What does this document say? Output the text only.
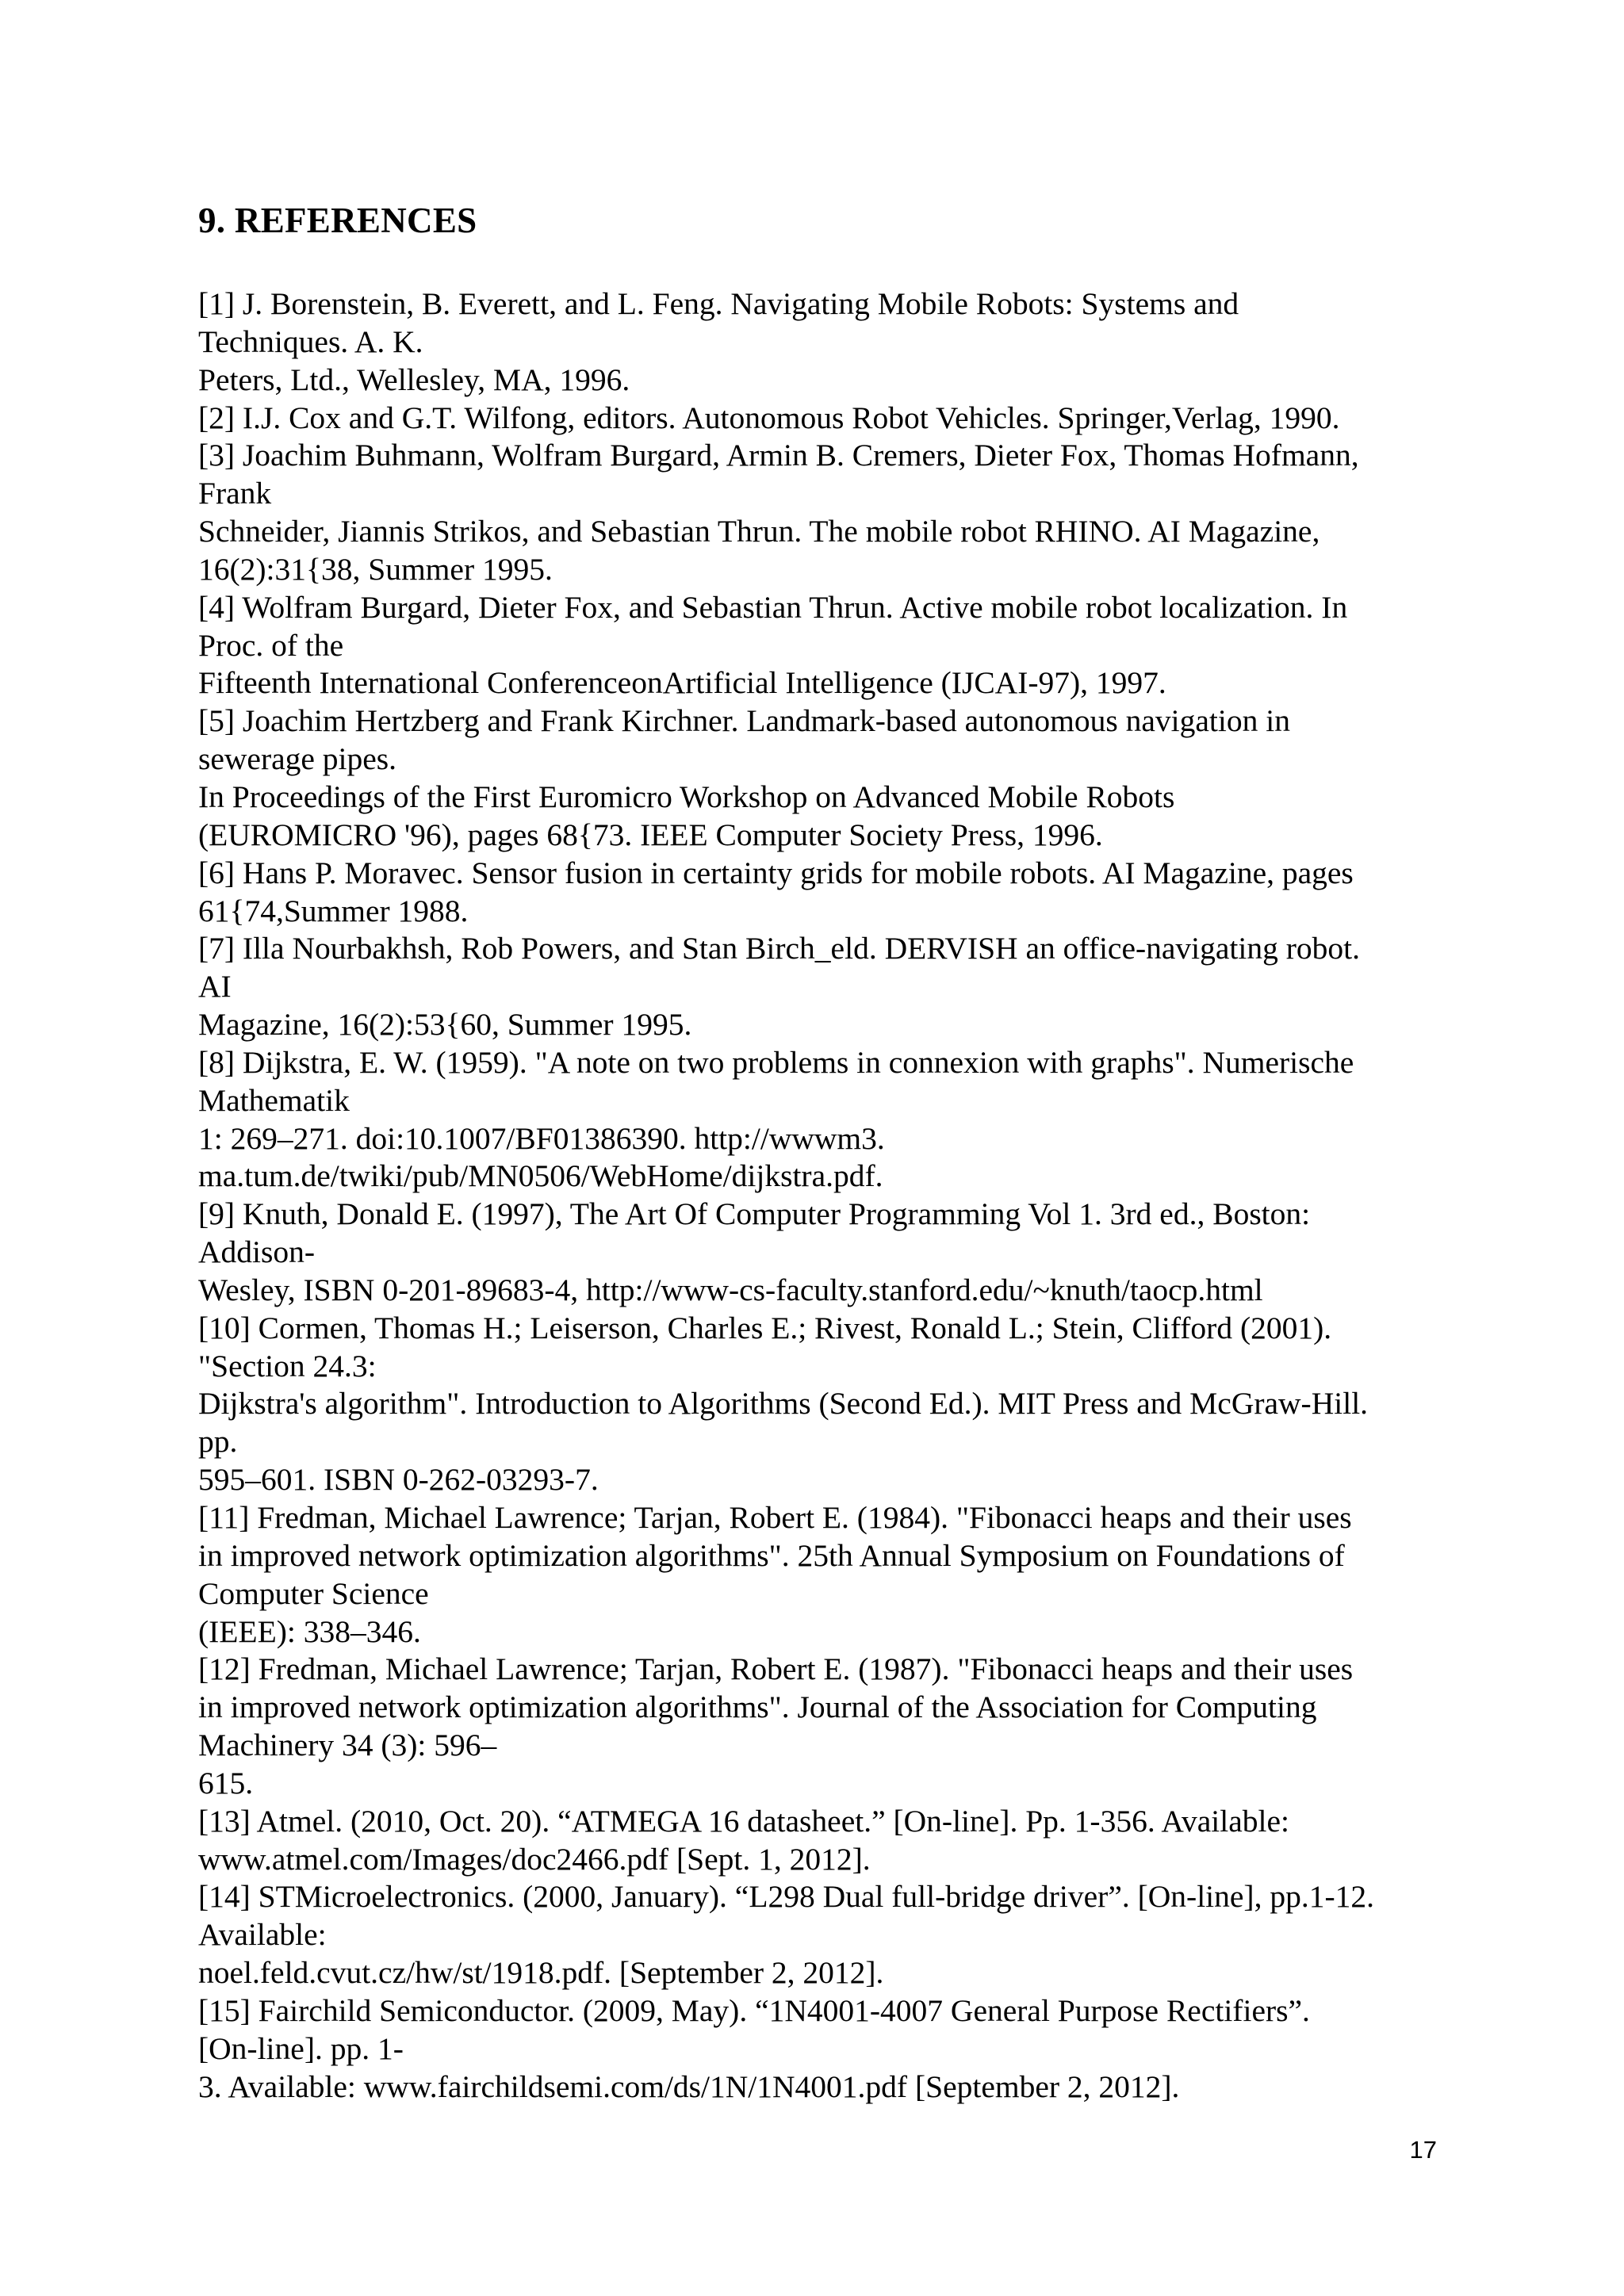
9. REFERENCES
[1] J. Borenstein, B. Everett, and L. Feng. Navigating Mobile Robots: Systems and
Techniques. A. K.
Peters, Ltd., Wellesley, MA, 1996.
[2] I.J. Cox and G.T. Wilfong, editors. Autonomous Robot Vehicles. Springer,Verlag, 1990.
[3] Joachim Buhmann, Wolfram Burgard, Armin B. Cremers, Dieter Fox, Thomas Hofmann,
Frank
Schneider, Jiannis Strikos, and Sebastian Thrun. The mobile robot RHINO. AI Magazine,
16(2):31{38, Summer 1995.
[4] Wolfram Burgard, Dieter Fox, and Sebastian Thrun. Active mobile robot localization. In
Proc. of the
Fifteenth International ConferenceonArtificial Intelligence (IJCAI-97), 1997.
[5] Joachim Hertzberg and Frank Kirchner. Landmark-based autonomous navigation in
sewerage pipes.
In Proceedings of the First Euromicro Workshop on Advanced Mobile Robots
(EUROMICRO '96), pages 68{73. IEEE Computer Society Press, 1996.
[6] Hans P. Moravec. Sensor fusion in certainty grids for mobile robots. AI Magazine, pages
61{74,Summer 1988.
[7] Illa Nourbakhsh, Rob Powers, and Stan Birch_eld. DERVISH an office-navigating robot.
AI
Magazine, 16(2):53{60, Summer 1995.
[8] Dijkstra, E. W. (1959). "A note on two problems in connexion with graphs". Numerische
Mathematik
1: 269–271. doi:10.1007/BF01386390. http://wwwm3.
ma.tum.de/twiki/pub/MN0506/WebHome/dijkstra.pdf.
[9] Knuth, Donald E. (1997), The Art Of Computer Programming Vol 1. 3rd ed., Boston:
Addison-
Wesley, ISBN 0-201-89683-4, http://www-cs-faculty.stanford.edu/~knuth/taocp.html
[10] Cormen, Thomas H.; Leiserson, Charles E.; Rivest, Ronald L.; Stein, Clifford (2001).
"Section 24.3:
Dijkstra's algorithm". Introduction to Algorithms (Second Ed.). MIT Press and McGraw-Hill.
pp.
595–601. ISBN 0-262-03293-7.
[11] Fredman, Michael Lawrence; Tarjan, Robert E. (1984). "Fibonacci heaps and their uses
in improved network optimization algorithms". 25th Annual Symposium on Foundations of
Computer Science
(IEEE): 338–346.
[12] Fredman, Michael Lawrence; Tarjan, Robert E. (1987). "Fibonacci heaps and their uses
in improved network optimization algorithms". Journal of the Association for Computing
Machinery 34 (3): 596–
615.
[13] Atmel. (2010, Oct. 20). “ATMEGA 16 datasheet.” [On-line]. Pp. 1-356. Available:
www.atmel.com/Images/doc2466.pdf [Sept. 1, 2012].
[14] STMicroelectronics. (2000, January). “L298 Dual full-bridge driver”. [On-line], pp.1-12.
Available:
noel.feld.cvut.cz/hw/st/1918.pdf. [September 2, 2012].
[15] Fairchild Semiconductor. (2009, May). “1N4001-4007 General Purpose Rectifiers”.
[On-line]. pp. 1-
3. Available: www.fairchildsemi.com/ds/1N/1N4001.pdf [September 2, 2012].
17
